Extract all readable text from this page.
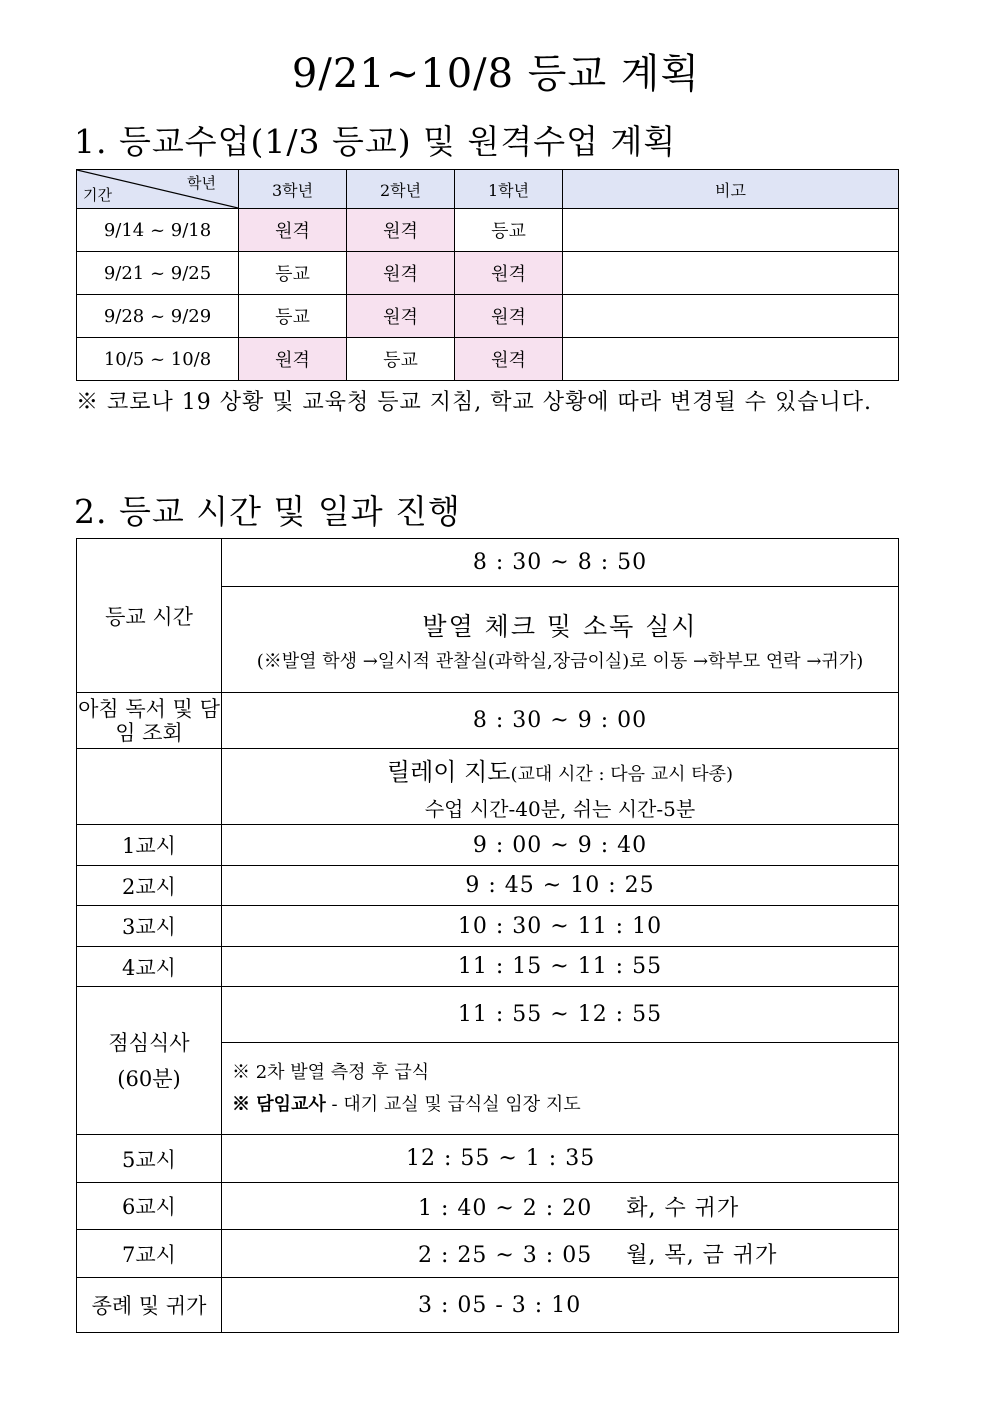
9/21~10/8 등교 계획
1. 등교수업(1/3 등교) 및 원격수업 계획
학년
기간	3학년	2학년	1학년	비고
9/14 ~ 9/18	원격	원격	등교	
9/21 ~ 9/25	등교	원격	원격	
9/28 ~ 9/29	등교	원격	원격	
10/5 ~ 10/8	원격	등교	원격	
※ 코로나 19 상황 및 교육청 등교 지침, 학교 상황에 따라 변경될 수 있습니다.
2. 등교 시간 및 일과 진행
등교 시간	8 : 30 ~ 8 : 50

	발열 체크 및 소독 실시
(※발열 학생 →일시적 관찰실(과학실,장금이실)로 이동 →학부모 연락 →귀가)

아침 독서 및 담임 조회	8 : 30 ~ 9 : 00

	릴레이 지도(교대 시간 : 다음 교시 타종)
수업 시간-40분, 쉬는 시간-5분

1교시	9 : 00 ~ 9 : 40
2교시	9 : 45 ~ 10 : 25
3교시	10 : 30 ~ 11 : 10
4교시	11 : 15 ~ 11 : 55

점심식사
(60분)	11 : 55 ~ 12 : 55

	※ 2차 발열 측정 후 급식
※ 담임교사 - 대기 교실 및 급식실 임장 지도

5교시	12 : 55 ~ 1 : 35
6교시	1 : 40 ~ 2 : 20 화, 수 귀가
7교시	2 : 25 ~ 3 : 05 월, 목, 금 귀가
종례 및 귀가	3 : 05 - 3 : 10
